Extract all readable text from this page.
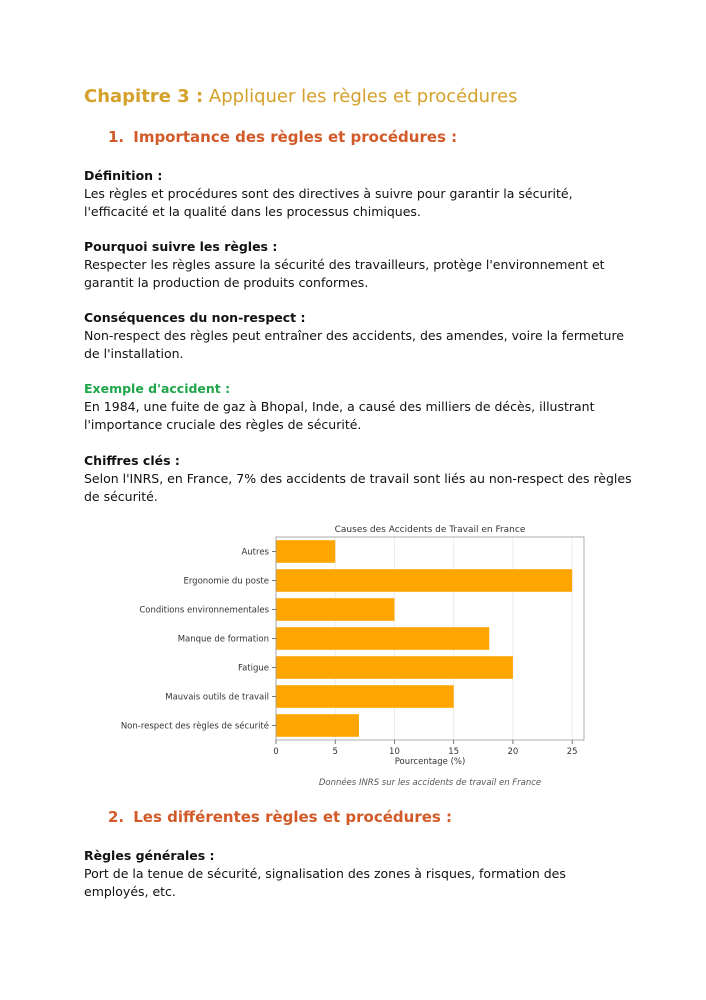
Chapitre 3 : Appliquer les règles et procédures
1. Importance des règles et procédures :
Définition :

Les règles et procédures sont des directives à suivre pour garantir la sécurité, l'efficacité et la qualité dans les processus chimiques.

Pourquoi suivre les règles :

Respecter les règles assure la sécurité des travailleurs, protège l'environnement et garantit la production de produits conformes.

Conséquences du non-respect :

Non-respect des règles peut entraîner des accidents, des amendes, voire la fermeture de l'installation.

Exemple d'accident :

En 1984, une fuite de gaz à Bhopal, Inde, a causé des milliers de décès, illustrant l'importance cruciale des règles de sécurité.

Chiffres clés :

Selon l'INRS, en France, 7% des accidents de travail sont liés au non-respect des règles de sécurité.

Causes des Accidents de Travail en France
Autres
Ergonomie du poste
Conditions environnementales
Manque de formation
Fatigue
Mauvais outils de travail
Non-respect des règles de sécurité
0	5	10	15	20	25
Pourcentage (%)
Données INRS sur les accidents de travail en France
2. Les différentes règles et procédures :
Règles générales :

Port de la tenue de sécurité, signalisation des zones à risques, formation des employés, etc.
